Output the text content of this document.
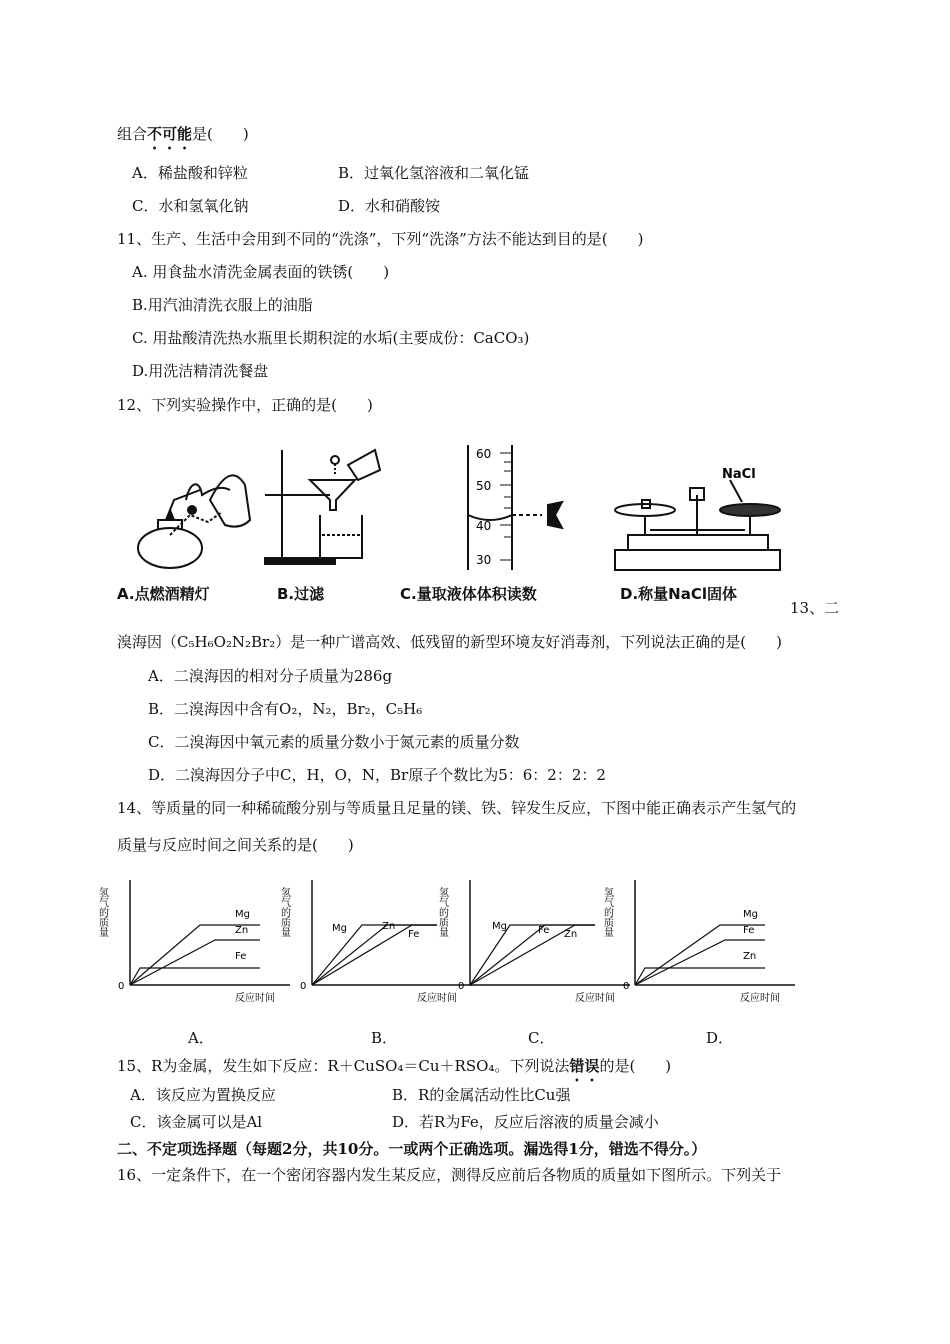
组合不可能是(　　)
A．稀盐酸和锌粒	B．过氧化氢溶液和二氧化锰
C．水和氢氧化钠	D．水和硝酸铵
11、生产、生活中会用到不同的“洗涤”，下列“洗涤”方法不能达到目的是(　　)
A. 用食盐水清洗金属表面的铁锈(　　)
B.用汽油清洗衣服上的油脂
C. 用盐酸清洗热水瓶里长期积淀的水垢(主要成份：CaCO₃)
D.用洗洁精清洗餐盘
12、下列实验操作中，正确的是(　　)
60
50
40
30
NaCl
A.点燃酒精灯	B.过滤	C.量取液体体积读数	D.称量NaCl固体
13、二
溴海因（C₅H₆O₂N₂Br₂）是一种广谱高效、低残留的新型环境友好消毒剂，下列说法正确的是(　　)
A．二溴海因的相对分子质量为286g
B．二溴海因中含有O₂，N₂，Br₂，C₅H₆
C．二溴海因中氧元素的质量分数小于氮元素的质量分数
D．二溴海因分子中C，H，O，N，Br原子个数比为5：6：2：2：2
14、等质量的同一种稀硫酸分别与等质量且足量的镁、铁、锌发生反应，下图中能正确表示产生氢气的
质量与反应时间之间关系的是(　　)
氢气的质量
反应时间
0
Mg
Zn
Fe
氢气的质量
反应时间
0
Mg	Zn
Fe 氢气的质量
反应时间
0
Mg	Fe Zn 氢气的质量
反应时间
0
Mg
Fe
Zn
A．	B．	C．	D．
15、R为金属，发生如下反应：R＋CuSO₄＝Cu＋RSO₄。下列说法错误的是(　　)
A．该反应为置换反应	B．R的金属活动性比Cu强
C．该金属可以是Al	D．若R为Fe，反应后溶液的质量会减小
二、不定项选择题（每题2分，共10分。一或两个正确选项。漏选得1分，错选不得分。）
16、一定条件下，在一个密闭容器内发生某反应，测得反应前后各物质的质量如下图所示。下列关于
